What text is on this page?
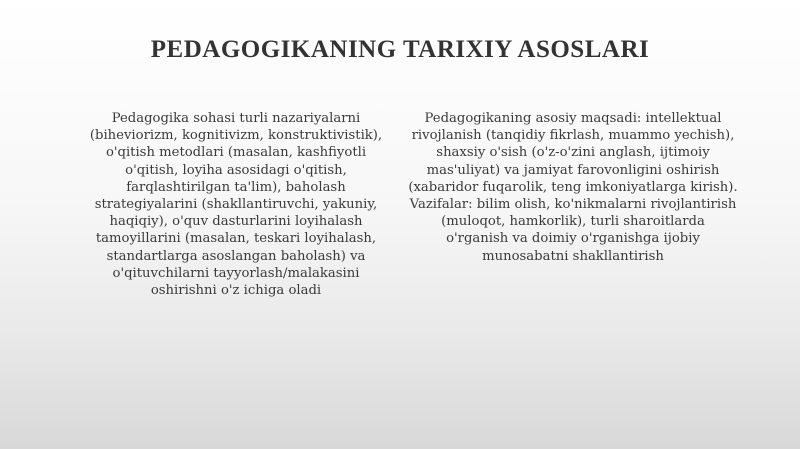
PEDAGOGIKANING TARIXIY ASOSLARI

Pedagogika sohasi turli nazariyalarni (biheviorizm, kognitivizm, konstruktivistik), o'qitish metodlari (masalan, kashfiyotli o'qitish, loyiha asosidagi o'qitish, farqlashtirilgan ta'lim), baholash strategiyalarini (shakllantiruvchi, yakuniy, haqiqiy), o'quv dasturlarini loyihalash tamoyillarini (masalan, teskari loyihalash, standartlarga asoslangan baholash) va o'qituvchilarni tayyorlash/malakasini oshirishni o'z ichiga oladi

Pedagogikaning asosiy maqsadi: intellektual rivojlanish (tanqidiy fikrlash, muammo yechish), shaxsiy o'sish (o'z-o'zini anglash, ijtimoiy mas'uliyat) va jamiyat farovonligini oshirish (xabaridor fuqarolik, teng imkoniyatlarga kirish). Vazifalar: bilim olish, ko'nikmalarni rivojlantirish (muloqot, hamkorlik), turli sharoitlarda o'rganish va doimiy o'rganishga ijobiy munosabatni shakllantirish
